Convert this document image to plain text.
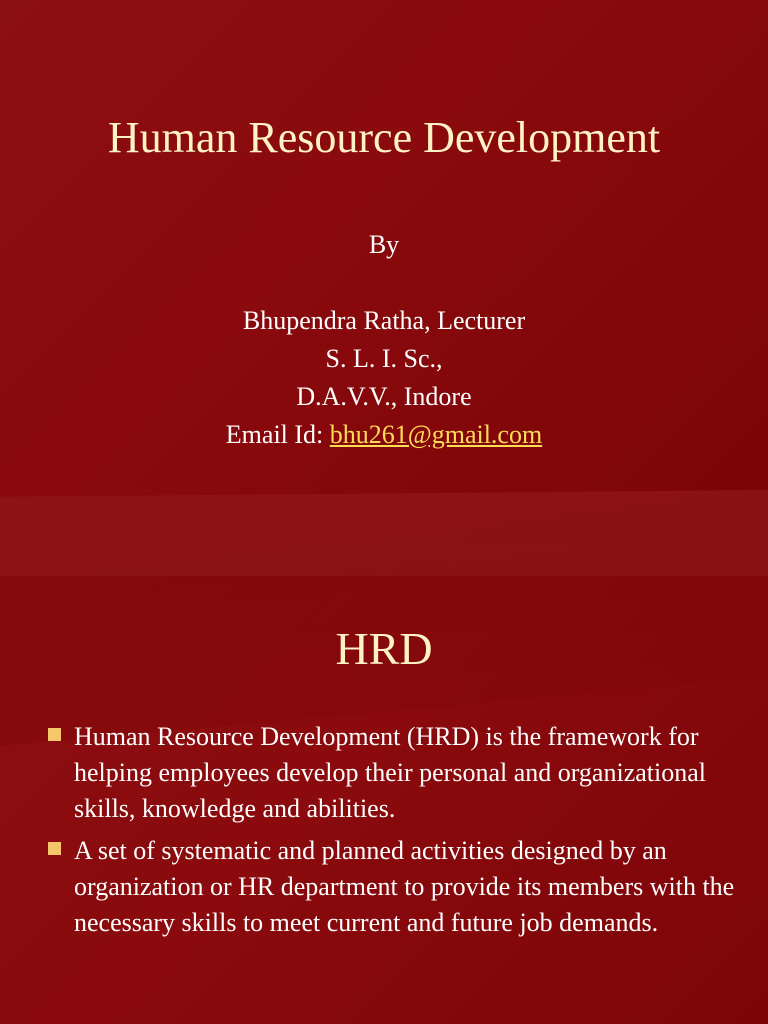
Human Resource Development
By
Bhupendra Ratha, Lecturer
S. L. I. Sc.,
D.A.V.V., Indore
Email Id: bhu261@gmail.com
HRD
Human Resource Development (HRD) is the framework for helping employees develop their personal and organizational skills, knowledge and abilities.
A set of systematic and planned activities designed by an organization or HR department to provide its members with the necessary skills to meet current and future job demands.
